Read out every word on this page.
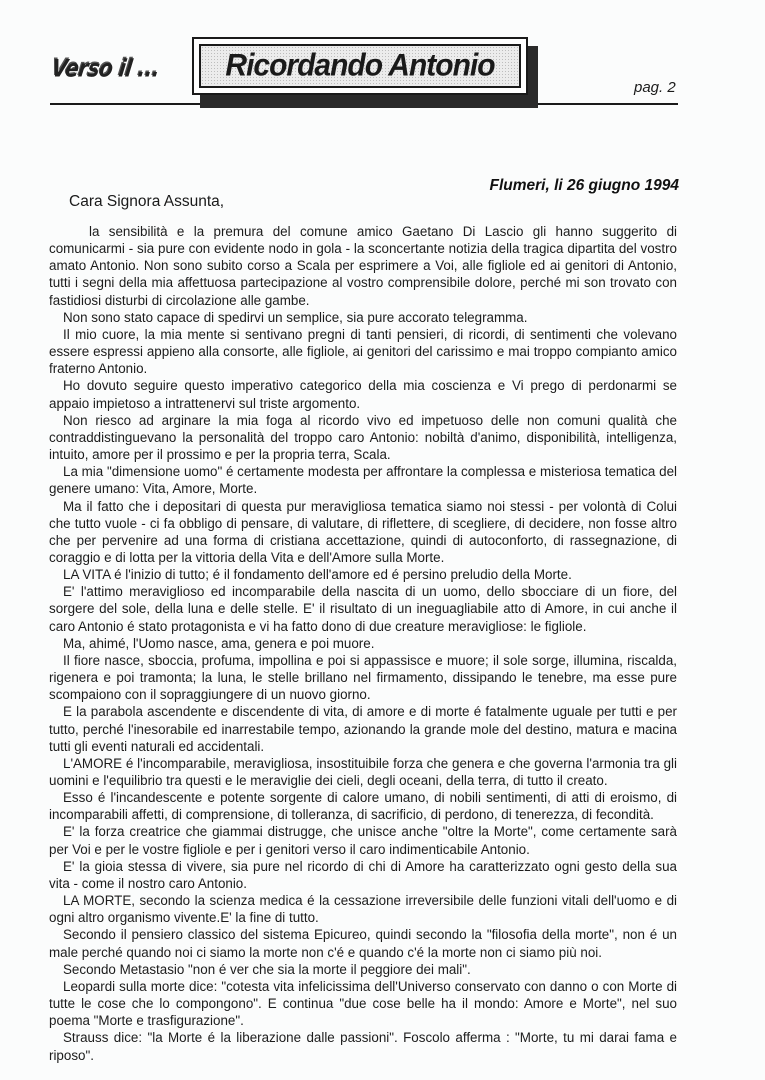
Verso il ... Ricordando Antonio
pag. 2
Flumeri, li 26 giugno 1994
Cara Signora Assunta,

la sensibilità e la premura del comune amico Gaetano Di Lascio gli hanno suggerito di comunicarmi - sia pure con evidente nodo in gola - la sconcertante notizia della tragica dipartita del vostro amato Antonio. Non sono subito corso a Scala per esprimere a Voi, alle figliole ed ai genitori di Antonio, tutti i segni della mia affettuosa partecipazione al vostro comprensibile dolore, perché mi son trovato con fastidiosi disturbi di circolazione alle gambe.

Non sono stato capace di spedirvi un semplice, sia pure accorato telegramma.

Il mio cuore, la mia mente si sentivano pregni di tanti pensieri, di ricordi, di sentimenti che volevano essere espressi appieno alla consorte, alle figliole, ai genitori del carissimo e mai troppo compianto amico fraterno Antonio.

Ho dovuto seguire questo imperativo categorico della mia coscienza e Vi prego di perdonarmi se appaio impietoso a intrattenervi sul triste argomento.

Non riesco ad arginare la mia foga al ricordo vivo ed impetuoso delle non comuni qualità che contraddistinguevano la personalità del troppo caro Antonio: nobiltà d'animo, disponibilità, intelligenza, intuito, amore per il prossimo e per la propria terra, Scala.

La mia "dimensione uomo" é certamente modesta per affrontare la complessa e misteriosa tematica del genere umano: Vita, Amore, Morte.

Ma il fatto che i depositari di questa pur meravigliosa tematica siamo noi stessi - per volontà di Colui che tutto vuole - ci fa obbligo di pensare, di valutare, di riflettere, di scegliere, di decidere, non fosse altro che per pervenire ad una forma di cristiana accettazione, quindi di autoconforto, di rassegnazione, di coraggio e di lotta per la vittoria della Vita e dell'Amore sulla Morte.

LA VITA é l'inizio di tutto; é il fondamento dell'amore ed é persino preludio della Morte.

E' l'attimo meraviglioso ed incomparabile della nascita di un uomo, dello sbocciare di un fiore, del sorgere del sole, della luna e delle stelle. E' il risultato di un ineguagliabile atto di Amore, in cui anche il caro Antonio é stato protagonista e vi ha fatto dono di due creature meravigliose: le figliole.

Ma, ahimé, l'Uomo nasce, ama, genera e poi muore.

Il fiore nasce, sboccia, profuma, impollina e poi si appassisce e muore; il sole sorge, illumina, riscalda, rigenera e poi tramonta; la luna, le stelle brillano nel firmamento, dissipando le tenebre, ma esse pure scompaiono con il sopraggiungere di un nuovo giorno.

E la parabola ascendente e discendente di vita, di amore e di morte é fatalmente uguale per tutti e per tutto, perché l'inesorabile ed inarrestabile tempo, azionando la grande mole del destino, matura e macina tutti gli eventi naturali ed accidentali.

L'AMORE é l'incomparabile, meravigliosa, insostituibile forza che genera e che governa l'armonia tra gli uomini e l'equilibrio tra questi e le meraviglie dei cieli, degli oceani, della terra, di tutto il creato.

Esso é l'incandescente e potente sorgente di calore umano, di nobili sentimenti, di atti di eroismo, di incomparabili affetti, di comprensione, di tolleranza, di sacrificio, di perdono, di tenerezza, di fecondità.

E' la forza creatrice che giammai distrugge, che unisce anche "oltre la Morte", come certamente sarà per Voi e per le vostre figliole e per i genitori verso il caro indimenticabile Antonio.

E' la gioia stessa di vivere, sia pure nel ricordo di chi di Amore ha caratterizzato ogni gesto della sua vita - come il nostro caro Antonio.

LA MORTE, secondo la scienza medica é la cessazione irreversibile delle funzioni vitali dell'uomo e di ogni altro organismo vivente.E' la fine di tutto.

Secondo il pensiero classico del sistema Epicureo, quindi secondo la "filosofia della morte", non é un male perché quando noi ci siamo la morte non c'é e quando c'é la morte non ci siamo più noi.

Secondo Metastasio "non é ver che sia la morte il peggiore dei mali".

Leopardi sulla morte dice: "cotesta vita infelicissima dell'Universo conservato con danno o con Morte di tutte le cose che lo compongono". E continua "due cose belle ha il mondo: Amore e Morte", nel suo poema "Morte e trasfigurazione".

Strauss dice: "la Morte é la liberazione dalle passioni". Foscolo afferma : "Morte, tu mi darai fama e riposo".
